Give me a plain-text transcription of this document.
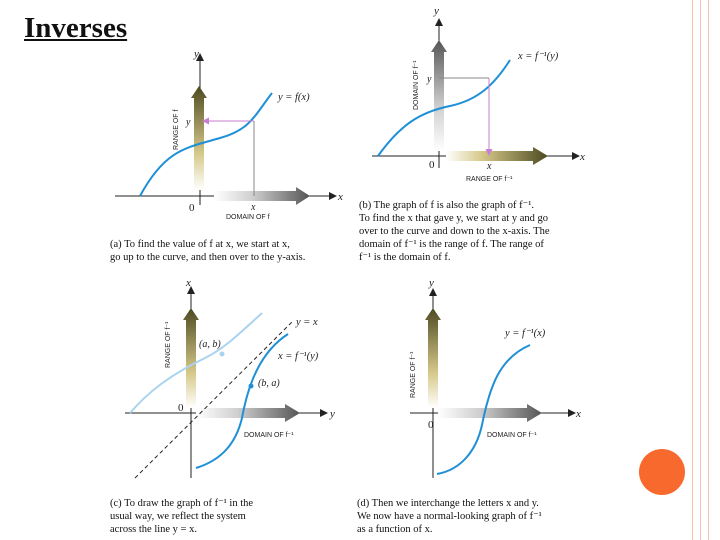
Inverses
y
x
0
y
x
y = f(x)
RANGE OF f
DOMAIN OF f
(a) To find the value of f at x, we start at x,
go up to the curve, and then over to the y-axis.
y
x
0
y
x
x = f⁻¹(y)
DOMAIN OF f⁻¹
RANGE OF f⁻¹
(b) The graph of f is also the graph of f⁻¹.
To find the x that gave y, we start at y and go
over to the curve and down to the x-axis. The
domain of f⁻¹ is the range of f. The range of
f⁻¹ is the domain of f.
x
y
0
y = x
x = f⁻¹(y)
(a, b)
(b, a)
RANGE OF f⁻¹
DOMAIN OF f⁻¹
(c) To draw the graph of f⁻¹ in the
usual way, we reflect the system
across the line y = x.
y
x
0
y = f⁻¹(x)
RANGE OF f⁻¹
DOMAIN OF f⁻¹
(d) Then we interchange the letters x and y.
We now have a normal-looking graph of f⁻¹
as a function of x.
